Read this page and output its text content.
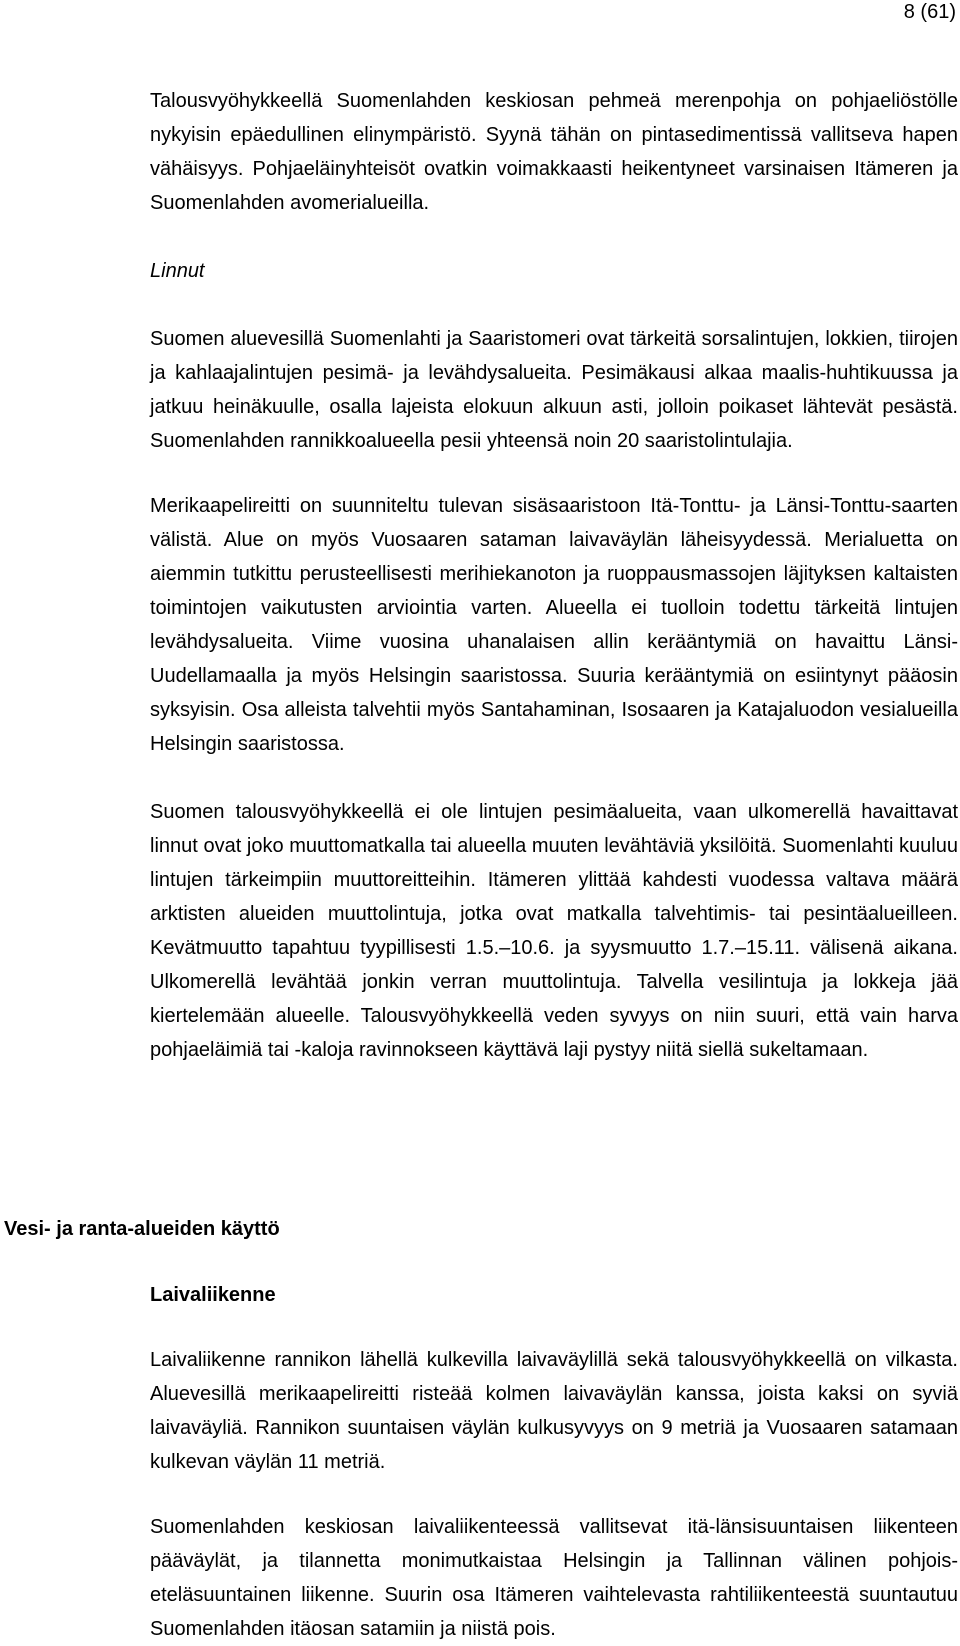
8 (61)

Talousvyöhykkeellä Suomenlahden keskiosan pehmeä merenpohja on pohjaeliöstölle nykyisin epäedullinen elinympäristö. Syynä tähän on pintasedimentissä vallitseva hapen vähäisyys. Pohjaeläinyhteisöt ovatkin voimakkaasti heikentyneet varsinaisen Itämeren ja Suomenlahden avomerialueilla.

Linnut

Suomen aluevesillä Suomenlahti ja Saaristomeri ovat tärkeitä sorsalintujen, lokkien, tiirojen ja kahlaajalintujen pesimä- ja levähdysalueita. Pesimäkausi alkaa maalis-huhtikuussa ja jatkuu heinäkuulle, osalla lajeista elokuun alkuun asti, jolloin poikaset lähtevät pesästä. Suomenlahden rannikkoalueella pesii yhteensä noin 20 saaristolintulajia.

Merikaapelireitti on suunniteltu tulevan sisäsaaristoon Itä-Tonttu- ja Länsi-Tonttu-saarten välistä. Alue on myös Vuosaaren sataman laivaväylän läheisyydessä. Merialuetta on aiemmin tutkittu perusteellisesti merihiekanoton ja ruoppausmassojen läjityksen kaltaisten toimintojen vaikutusten arviointia varten. Alueella ei tuolloin todettu tärkeitä lintujen levähdysalueita. Viime vuosina uhanalaisen allin kerääntymiä on havaittu Länsi-Uudellamaalla ja myös Helsingin saaristossa. Suuria kerääntymiä on esiintynyt pääosin syksyisin. Osa alleista talvehtii myös Santahaminan, Isosaaren ja Katajaluodon vesialueilla Helsingin saaristossa.

Suomen talousvyöhykkeellä ei ole lintujen pesimäalueita, vaan ulkomerellä havaittavat linnut ovat joko muuttomatkalla tai alueella muuten levähtäviä yksilöitä. Suomenlahti kuuluu lintujen tärkeimpiin muuttoreitteihin. Itämeren ylittää kahdesti vuodessa valtava määrä arktisten alueiden muuttolintuja, jotka ovat matkalla talvehtimis- tai pesintäalueilleen. Kevätmuutto tapahtuu tyypillisesti 1.5.–10.6. ja syysmuutto 1.7.–15.11. välisenä aikana. Ulkomerellä levähtää jonkin verran muuttolintuja. Talvella vesilintuja ja lokkeja jää kiertelemään alueelle. Talousvyöhykkeellä veden syvyys on niin suuri, että vain harva pohjaeläimiä tai -kaloja ravinnokseen käyttävä laji pystyy niitä siellä sukeltamaan.

Vesi- ja ranta-alueiden käyttö
Laivaliikenne

Laivaliikenne rannikon lähellä kulkevilla laivaväylillä sekä talousvyöhykkeellä on vilkasta. Aluevesillä merikaapelireitti risteää kolmen laivaväylän kanssa, joista kaksi on syviä laivaväyliä. Rannikon suuntaisen väylän kulkusyvyys on 9 metriä ja Vuosaaren satamaan kulkevan väylän 11 metriä.

Suomenlahden keskiosan laivaliikenteessä vallitsevat itä-länsisuuntaisen liikenteen pääväylät, ja tilannetta monimutkaistaa Helsingin ja Tallinnan välinen pohjois-eteläsuuntainen liikenne. Suurin osa Itämeren vaihtelevasta rahtiliikenteestä suuntautuu Suomenlahden itäosan satamiin ja niistä pois.
